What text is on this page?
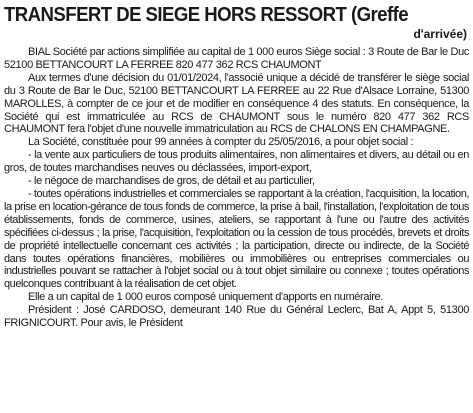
TRANSFERT DE SIEGE HORS RESSORT (Greffe
d'arrivée)

BIAL Société par actions simplifiée au capital de 1 000 euros Siège social : 3 Route de Bar le Duc 52100 BETTANCOURT LA FERREE 820 477 362 RCS CHAUMONT

Aux termes d'une décision du 01/01/2024, l'associé unique a décidé de transférer le siège social du 3 Route de Bar le Duc, 52100 BETTANCOURT LA FERREE au 22 Rue d'Alsace Lorraine, 51300 MAROLLES, à compter de ce jour et de modifier en conséquence 4 des statuts. En conséquence, la Société qui est immatriculée au RCS de CHAUMONT sous le numéro 820 477 362 RCS CHAUMONT fera l'objet d'une nouvelle immatriculation au RCS de CHALONS EN CHAMPAGNE.

La Société, constituée pour 99 années à compter du 25/05/2016, a pour objet social :

- la vente aux particuliers de tous produits alimentaires, non alimentaires et divers, au détail ou en gros, de toutes marchandises neuves ou déclassées, import-export,

- le négoce de marchandises de gros, de détail et au particulier,

- toutes opérations industrielles et commerciales se rapportant à la création, l'acquisition, la location, la prise en location-gérance de tous fonds de commerce, la prise à bail, l'installation, l'exploitation de tous établissements, fonds de commerce, usines, ateliers, se rapportant à l'une ou l'autre des activités spécifiées ci-dessus ; la prise, l'acquisition, l'exploitation ou la cession de tous procédés, brevets et droits de propriété intellectuelle concernant ces activités ; la participation, directe ou indirecte, de la Société dans toutes opérations financières, mobilières ou immobilières ou entreprises commerciales ou industrielles pouvant se rattacher à l'objet social ou à tout objet similaire ou connexe ; toutes opérations quelconques contribuant à la réalisation de cet objet.

Elle a un capital de 1 000 euros composé uniquement d'apports en numéraire.

Président : José CARDOSO, demeurant 140 Rue du Général Leclerc, Bat A, Appt 5, 51300 FRIGNICOURT. Pour avis, le Président
